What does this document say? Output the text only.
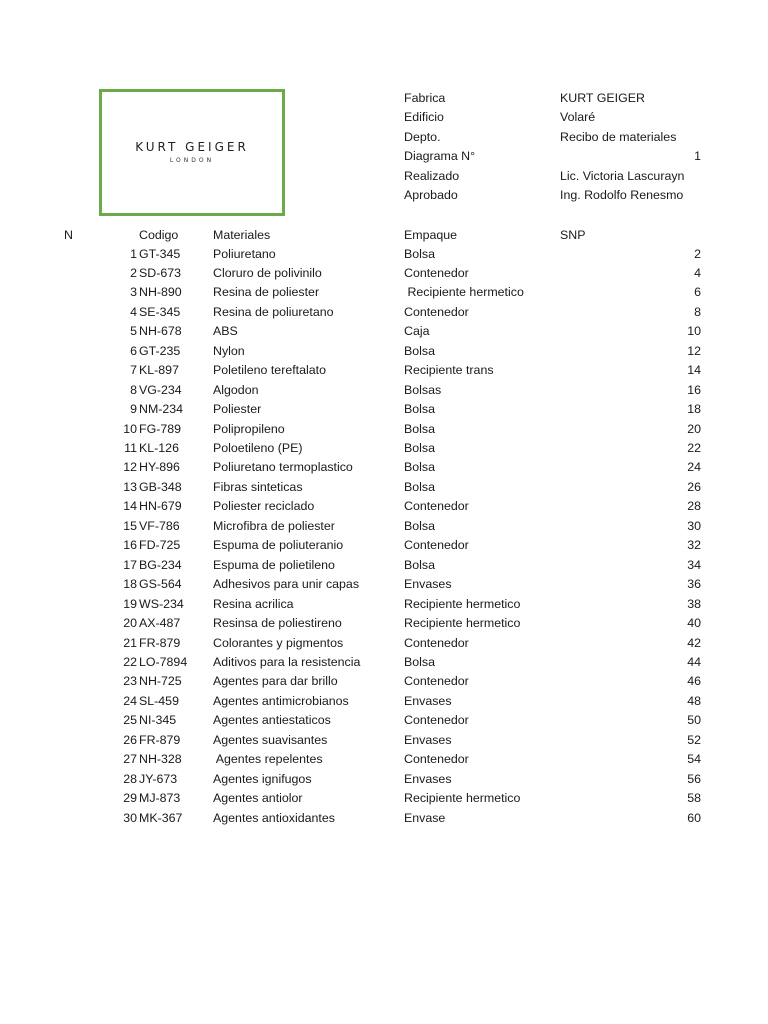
KURT GEIGER
LONDON
Fabrica	KURT GEIGER
Edificio	Volaré
Depto.	Recibo de materiales
Diagrama N°	1
Realizado	Lic. Victoria Lascurayn
Aprobado	Ing. Rodolfo Renesmo
N	Codigo	Materiales	Empaque	SNP
1 GT-345	Poliuretano	Bolsa	2
2 SD-673	Cloruro de polivinilo	Contenedor	4
3 NH-890	Resina de poliester	Recipiente hermetico	6
4 SE-345	Resina de poliuretano	Contenedor	8
5 NH-678	ABS	Caja	10
6 GT-235	Nylon	Bolsa	12
7 KL-897	Poletileno tereftalato	Recipiente trans	14
8 VG-234	Algodon	Bolsas	16
9 NM-234 Poliester	Bolsa	18
10 FG-789	Polipropileno	Bolsa	20
11 KL-126	Poloetileno (PE)	Bolsa	22
12 HY-896	Poliuretano termoplastico	Bolsa	24
13 GB-348	Fibras sinteticas	Bolsa	26
14 HN-679	Poliester reciclado	Contenedor	28
15 VF-786	Microfibra de poliester	Bolsa	30
16 FD-725	Espuma de poliuteranio	Contenedor	32
17 BG-234	Espuma de polietileno	Bolsa	34
18 GS-564	Adhesivos para unir capas	Envases	36
19 WS-234 Resina acrilica	Recipiente hermetico	38
20 AX-487	Resinsa de poliestireno	Recipiente hermetico	40
21 FR-879	Colorantes y pigmentos	Contenedor	42
22 LO-7894 Aditivos para la resistencia	Bolsa	44
23 NH-725	Agentes para dar brillo	Contenedor	46
24 SL-459	Agentes antimicrobianos	Envases	48
25 NI-345	Agentes antiestaticos	Contenedor	50
26 FR-879	Agentes suavisantes	Envases	52
27 NH-328	Agentes repelentes	Contenedor	54
28 JY-673	Agentes ignifugos	Envases	56
29 MJ-873	Agentes antiolor	Recipiente hermetico	58
30 MK-367 Agentes antioxidantes	Envase	60
